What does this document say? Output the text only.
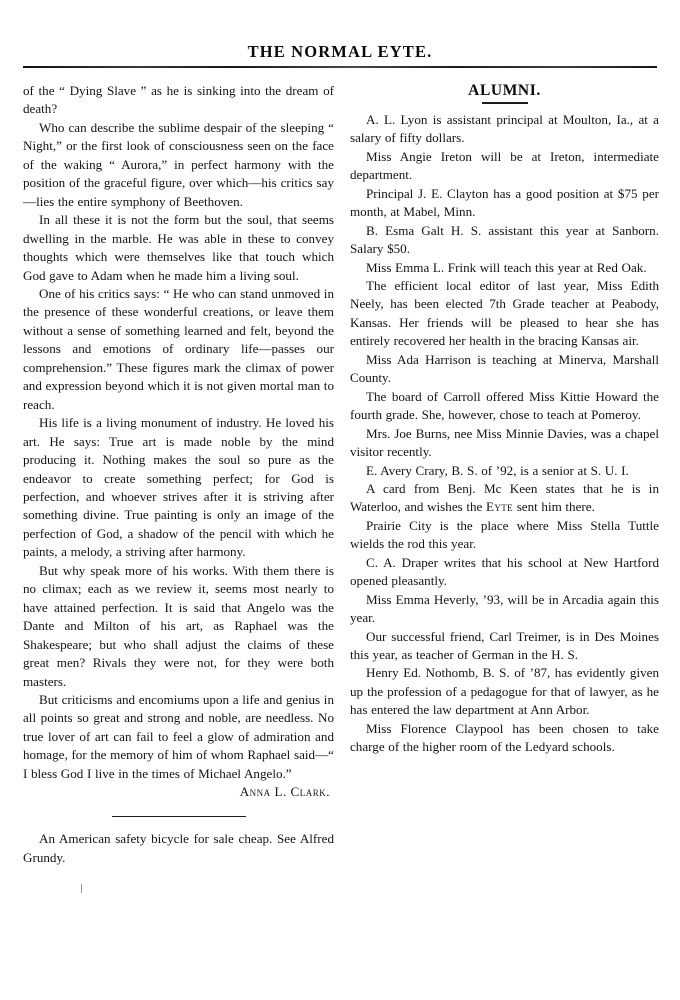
THE NORMAL EYTE.

of the “ Dying Slave ” as he is sinking into the dream of death?

Who can describe the sublime despair of the sleeping “ Night,” or the first look of consciousness seen on the face of the waking “ Aurora,” in perfect harmony with the position of the graceful figure, over which—his critics say—lies the entire symphony of Beethoven.

In all these it is not the form but the soul, that seems dwelling in the marble. He was able in these to convey thoughts which were themselves like that touch which God gave to Adam when he made him a living soul.

One of his critics says: “ He who can stand unmoved in the presence of these wonderful creations, or leave them without a sense of something learned and felt, beyond the lessons and emotions of ordinary life—passes our comprehension.” These figures mark the climax of power and expression beyond which it is not given mortal man to reach.

His life is a living monument of industry. He loved his art. He says: True art is made noble by the mind producing it. Nothing makes the soul so pure as the endeavor to create something perfect; for God is perfection, and whoever strives after it is striving after something divine. True painting is only an image of the perfection of God, a shadow of the pencil with which he paints, a melody, a striving after harmony.

But why speak more of his works. With them there is no climax; each as we review it, seems most nearly to have attained perfection. It is said that Angelo was the Dante and Milton of his art, as Raphael was the Shakespeare; but who shall adjust the claims of these great men? Rivals they were not, for they were both masters.

But criticisms and encomiums upon a life and genius in all points so great and strong and noble, are needless. No true lover of art can fail to feel a glow of admiration and homage, for the memory of him of whom Raphael said—“ I bless God I live in the times of Michael Angelo.”

Anna L. Clark.

An American safety bicycle for sale cheap. See Alfred Grundy.

ALUMNI.

A. L. Lyon is assistant principal at Moulton, Ia., at a salary of fifty dollars.

Miss Angie Ireton will be at Ireton, intermediate department.

Principal J. E. Clayton has a good position at $75 per month, at Mabel, Minn.

B. Esma Galt H. S. assistant this year at Sanborn. Salary $50.

Miss Emma L. Frink will teach this year at Red Oak.

The efficient local editor of last year, Miss Edith Neely, has been elected 7th Grade teacher at Peabody, Kansas. Her friends will be pleased to hear she has entirely recovered her health in the bracing Kansas air.

Miss Ada Harrison is teaching at Minerva, Marshall County.

The board of Carroll offered Miss Kittie Howard the fourth grade. She, however, chose to teach at Pomeroy.

Mrs. Joe Burns, nee Miss Minnie Davies, was a chapel visitor recently.

E. Avery Crary, B. S. of ’92, is a senior at S. U. I.

A card from Benj. Mc Keen states that he is in Waterloo, and wishes the Eyte sent him there.

Prairie City is the place where Miss Stella Tuttle wields the rod this year.

C. A. Draper writes that his school at New Hartford opened pleasantly.

Miss Emma Heverly, ’93, will be in Arcadia again this year.

Our successful friend, Carl Treimer, is in Des Moines this year, as teacher of German in the H. S.

Henry Ed. Nothomb, B. S. of ’87, has evidently given up the profession of a pedagogue for that of lawyer, as he has entered the law department at Ann Arbor.

Miss Florence Claypool has been chosen to take charge of the higher room of the Ledyard schools.
